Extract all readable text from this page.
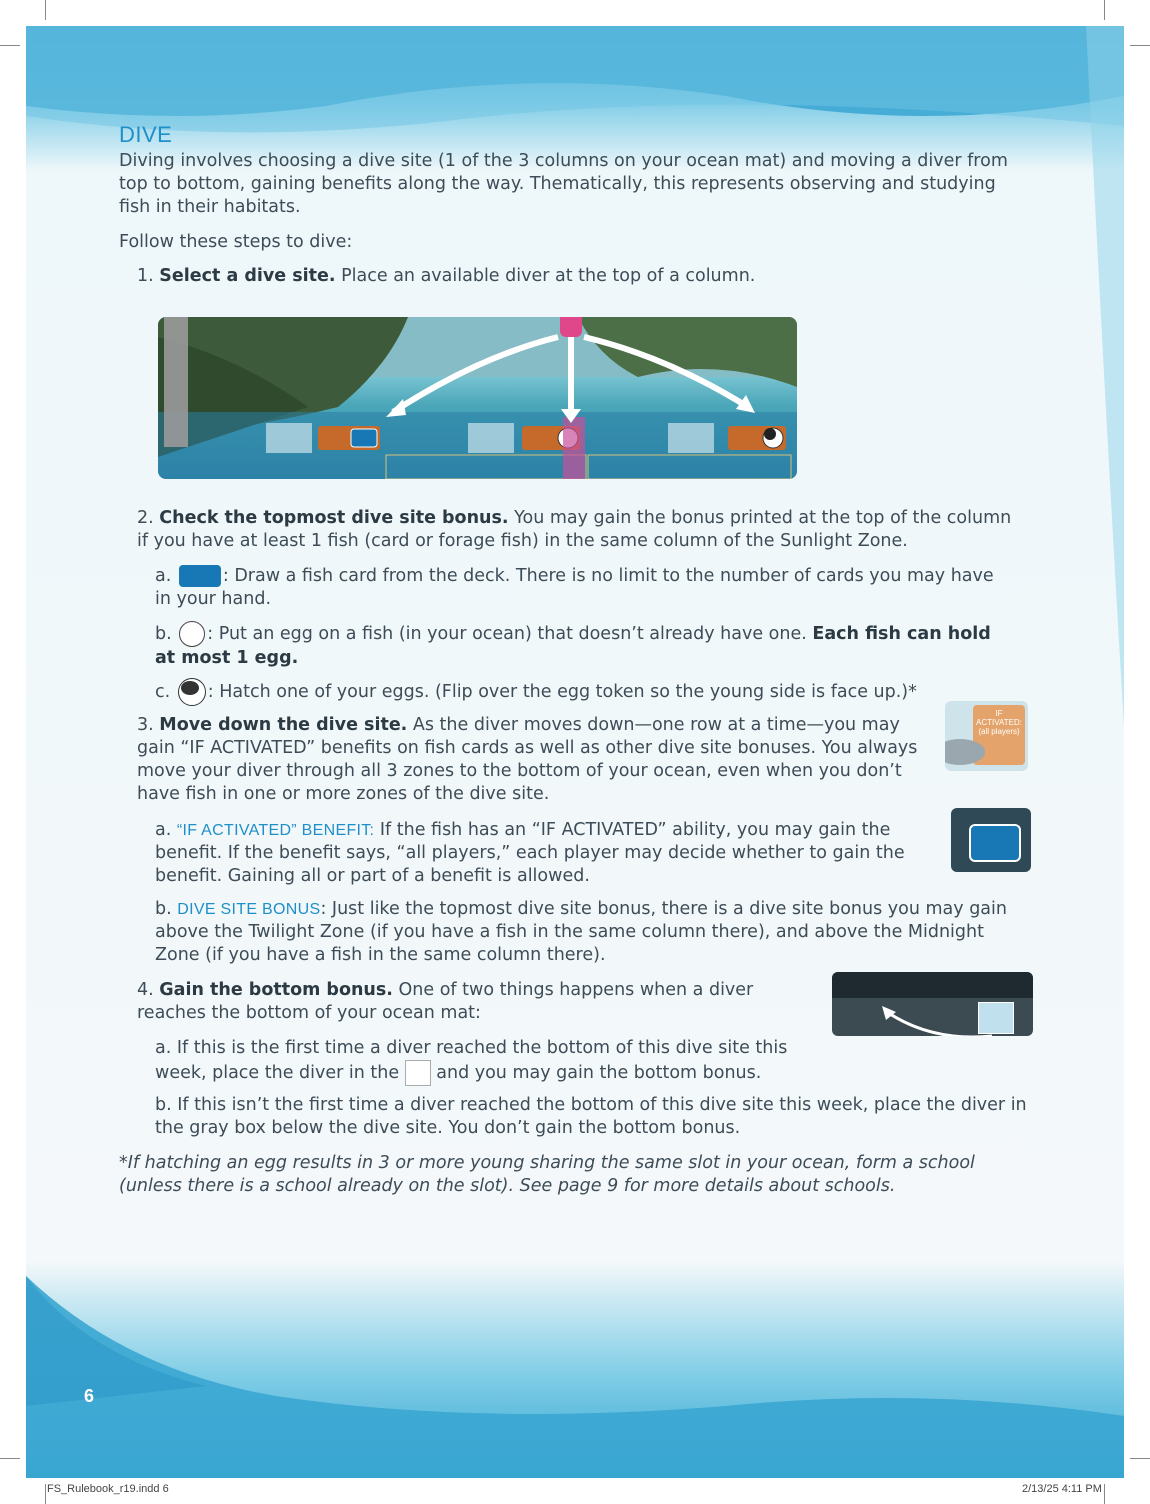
DIVE
Diving involves choosing a dive site (1 of the 3 columns on your ocean mat) and moving a diver from top to bottom, gaining benefits along the way. Thematically, this represents observing and studying fish in their habitats.
Follow these steps to dive:
1. Select a dive site. Place an available diver at the top of a column.
2. Check the topmost dive site bonus. You may gain the bonus printed at the top of the column if you have at least 1 fish (card or forage fish) in the same column of the Sunlight Zone.
a.	: Draw a fish card from the deck. There is no limit to the number of cards you may have in your hand.
b. : Put an egg on a fish (in your ocean) that doesn’t already have one. Each fish can hold at most 1 egg.
c. : Hatch one of your eggs. (Flip over the egg token so the young side is face up.)*
3. Move down the dive site. As the diver moves down—one row at a time—you may gain “IF ACTIVATED” benefits on fish cards as well as other dive site bonuses. You always move your diver through all 3 zones to the bottom of your ocean, even when you don’t have fish in one or more zones of the dive site.
IF ACTIVATED: (all players)
a. “IF ACTIVATED” BENEFIT: If the fish has an “IF ACTIVATED” ability, you may gain the benefit. If the benefit says, “all players,” each player may decide whether to gain the benefit. Gaining all or part of a benefit is allowed.
b. DIVE SITE BONUS: Just like the topmost dive site bonus, there is a dive site bonus you may gain above the Twilight Zone (if you have a fish in the same column there), and above the Midnight Zone (if you have a fish in the same column there).
4. Gain the bottom bonus. One of two things happens when a diver reaches the bottom of your ocean mat:
a. If this is the first time a diver reached the bottom of this dive site this week, place the diver in the  and you may gain the bottom bonus.
b. If this isn’t the first time a diver reached the bottom of this dive site this week, place the diver in the gray box below the dive site. You don’t gain the bottom bonus.
*If hatching an egg results in 3 or more young sharing the same slot in your ocean, form a school (unless there is a school already on the slot). See page 9 for more details about schools.
6
FS_Rulebook_r19.indd 6	2/13/25 4:11 PM
